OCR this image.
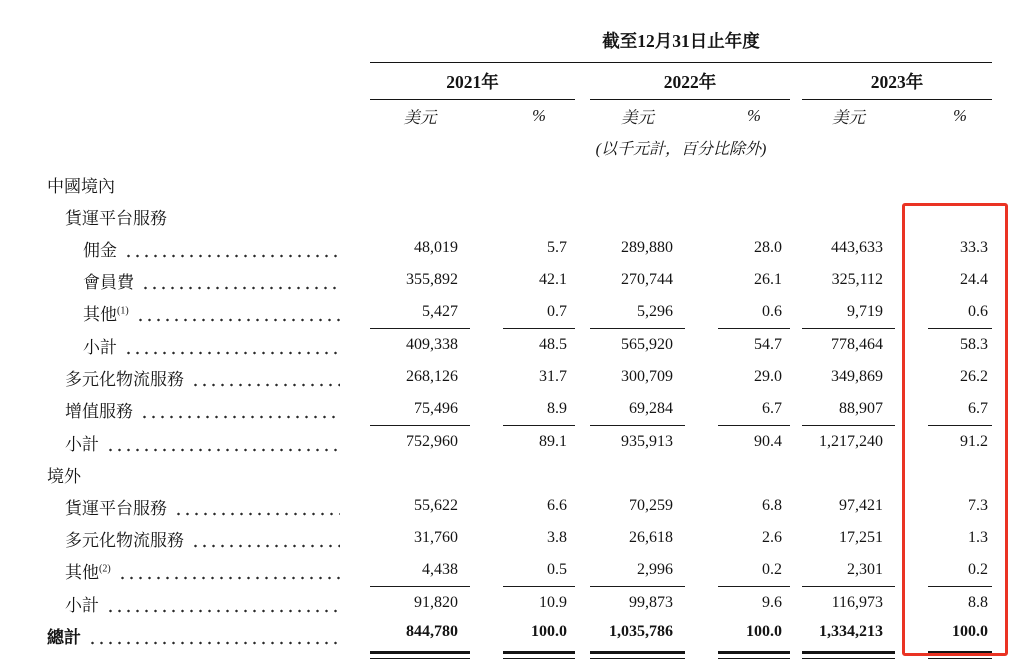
	截至12月31日止年度										
	2021年				2022年				2023年		
	美元		%		美元		%		美元		%
	(以千元計，百分比除外)										

中國境內											

貨運平台服務											

佣金	48,019		5.7		289,880		28.0		443,633		33.3

會員費	355,892		42.1		270,744		26.1		325,112		24.4

其他$^{(1)}$	5,427		0.7		5,296		0.6		9,719		0.6

小計	409,338		48.5		565,920		54.7		778,464		58.3

多元化物流服務	268,126		31.7		300,709		29.0		349,869		26.2

增值服務	75,496		8.9		69,284		6.7		88,907		6.7

小計	752,960		89.1		935,913		90.4		1,217,240		91.2

境外											

貨運平台服務	55,622		6.6		70,259		6.8		97,421		7.3

多元化物流服務	31,760		3.8		26,618		2.6		17,251		1.3

其他$^{(2)}$	4,438		0.5		2,996		0.2		2,301		0.2

小計	91,820		10.9		99,873		9.6		116,973		8.8

總計	844,780		100.0		1,035,786		100.0		1,334,213		100.0
